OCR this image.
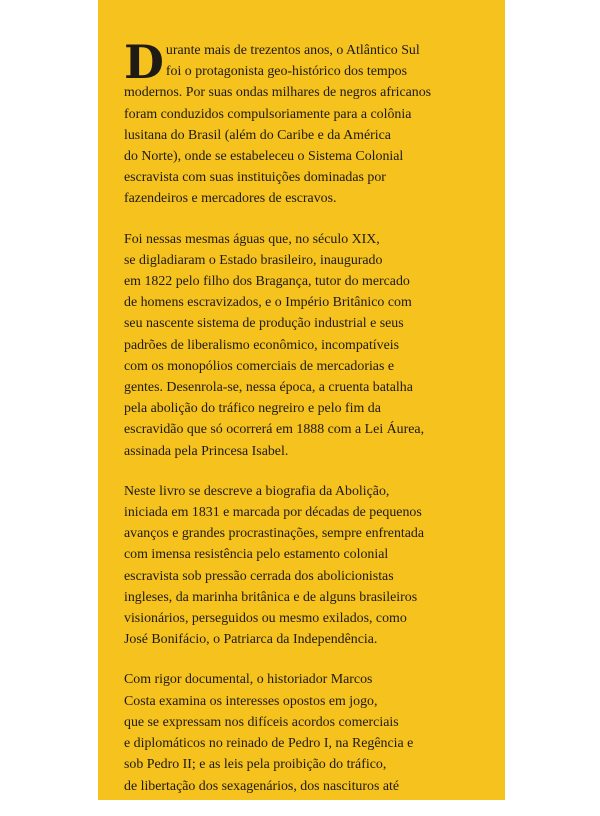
D urante mais de trezentos anos, o Atlântico Sul
foi o protagonista geo-histórico dos tempos
modernos. Por suas ondas milhares de negros africanos
foram conduzidos compulsoriamente para a colônia
lusitana do Brasil (além do Caribe e da América
do Norte), onde se estabeleceu o Sistema Colonial
escravista com suas instituições dominadas por
fazendeiros e mercadores de escravos.

Foi nessas mesmas águas que, no século XIX,
se digladiaram o Estado brasileiro, inaugurado
em 1822 pelo filho dos Bragança, tutor do mercado
de homens escravizados, e o Império Britânico com
seu nascente sistema de produção industrial e seus
padrões de liberalismo econômico, incompatíveis
com os monopólios comerciais de mercadorias e
gentes. Desenrola-se, nessa época, a cruenta batalha
pela abolição do tráfico negreiro e pelo fim da
escravidão que só ocorrerá em 1888 com a Lei Áurea,
assinada pela Princesa Isabel.

Neste livro se descreve a biografia da Abolição,
iniciada em 1831 e marcada por décadas de pequenos
avanços e grandes procrastinações, sempre enfrentada
com imensa resistência pelo estamento colonial
escravista sob pressão cerrada dos abolicionistas
ingleses, da marinha britânica e de alguns brasileiros
visionários, perseguidos ou mesmo exilados, como
José Bonifácio, o Patriarca da Independência.

Com rigor documental, o historiador Marcos
Costa examina os interesses opostos em jogo,
que se expressam nos difíceis acordos comerciais
e diplomáticos no reinado de Pedro I, na Regência e
sob Pedro II; e as leis pela proibição do tráfico,
de libertação dos sexagenários, dos nascituros até
